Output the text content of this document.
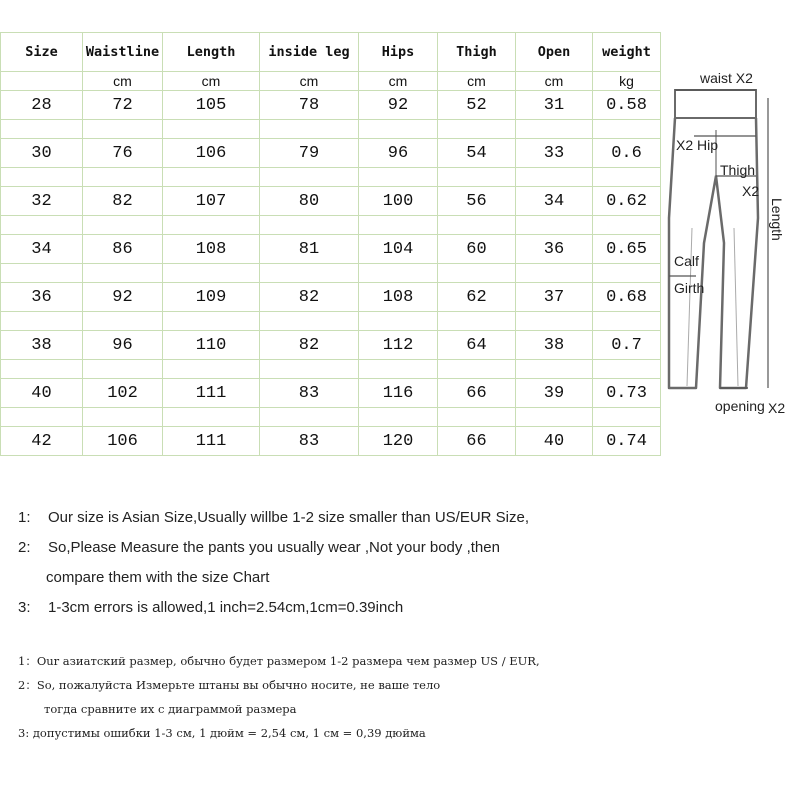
Size	Waistline	Length	inside leg	Hips	Thigh	Open	weight
	cm	cm	cm	cm	cm	cm	kg
28	72	105	78	92	52	31	0.58

30	76	106	79	96	54	33	0.6

32	82	107	80	100	56	34	0.62

34	86	108	81	104	60	36	0.65

36	92	109	82	108	62	37	0.68

38	96	110	82	112	64	38	0.7

40	102	111	83	116	66	39	0.73

42	106	111	83	120	66	40	0.74
waist X2
X2 Hip
Thigh
X2
Length
Calf
Girth
opening X2
1: Our size is Asian Size,Usually willbe 1-2 size smaller than US/EUR Size,
2: So,Please Measure the pants you usually wear ,Not your body ,then
compare them with the size Chart
3: 1-3cm errors is allowed,1 inch=2.54cm,1cm=0.39inch
1：Our азиатский размер, обычно будет размером 1-2 размера чем размер US / EUR,
2：So, пожалуйста Измерьте штаны вы обычно носите, не ваше тело
тогда сравните их с диаграммой размера
3: допустимы ошибки 1-3 см, 1 дюйм = 2,54 см, 1 см = 0,39 дюйма
